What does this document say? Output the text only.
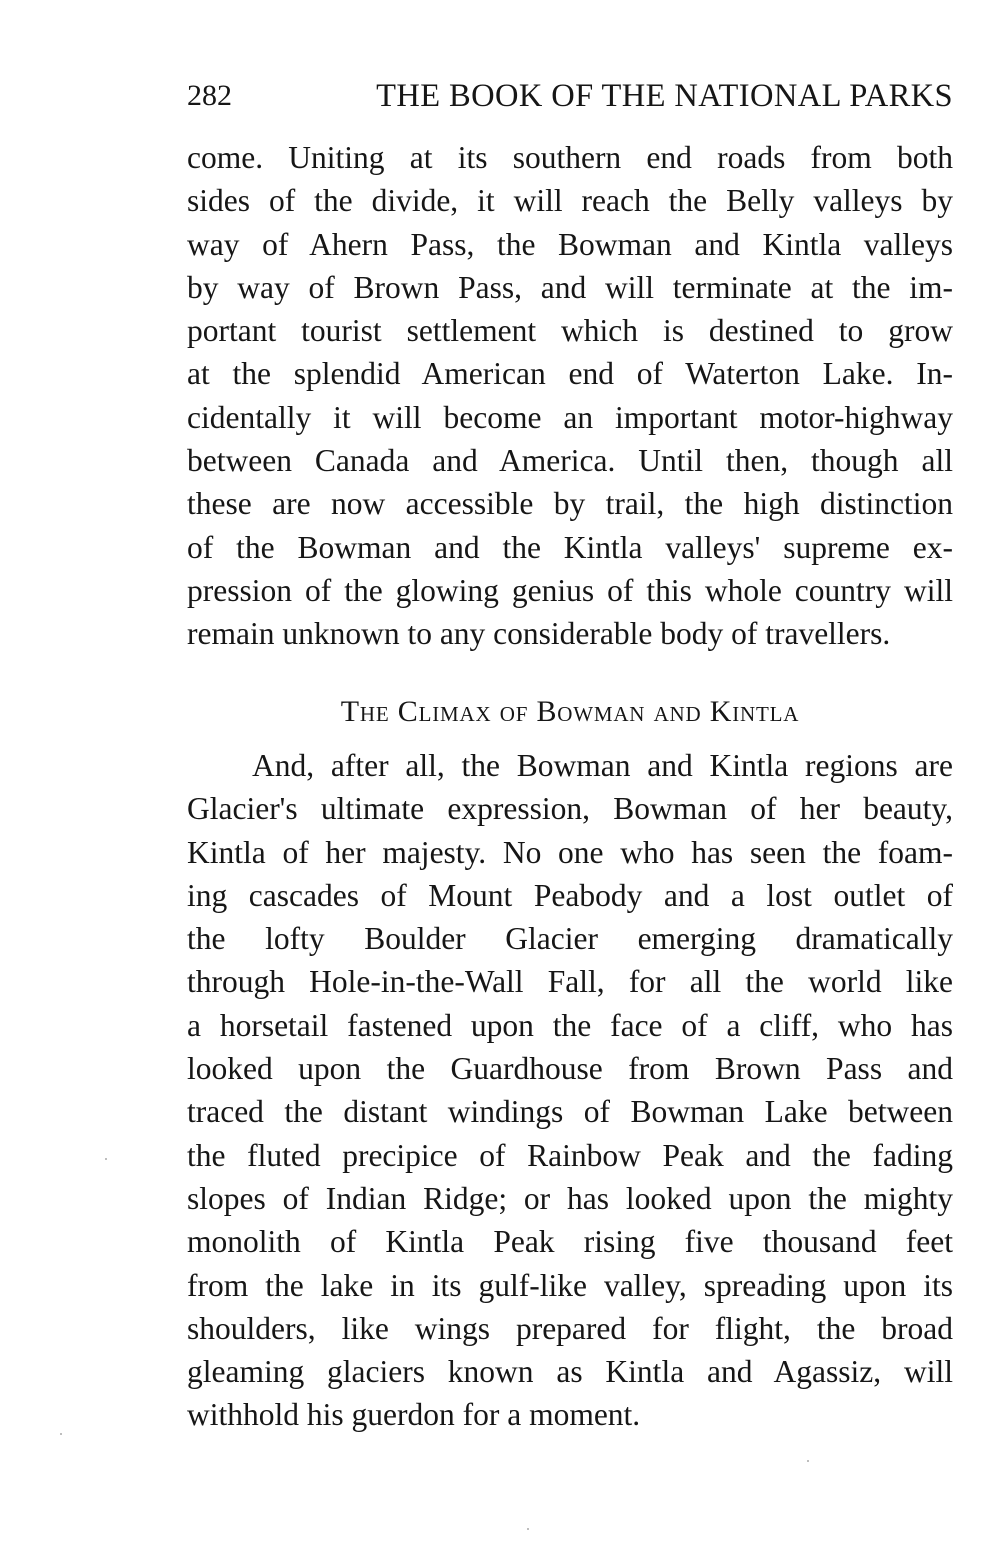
282	THE BOOK OF THE NATIONAL PARKS
come. Uniting at its southern end roads from both
sides of the divide, it will reach the Belly valleys by
way of Ahern Pass, the Bowman and Kintla valleys
by way of Brown Pass, and will terminate at the im-
portant tourist settlement which is destined to grow
at the splendid American end of Waterton Lake. In-
cidentally it will become an important motor-highway
between Canada and America. Until then, though all
these are now accessible by trail, the high distinction
of the Bowman and the Kintla valleys' supreme ex-
pression of the glowing genius of this whole country will
remain unknown to any considerable body of travellers.
The Climax of Bowman and Kintla
And, after all, the Bowman and Kintla regions are
Glacier's ultimate expression, Bowman of her beauty,
Kintla of her majesty. No one who has seen the foam-
ing cascades of Mount Peabody and a lost outlet of
the lofty Boulder Glacier emerging dramatically
through Hole-in-the-Wall Fall, for all the world like
a horsetail fastened upon the face of a cliff, who has
looked upon the Guardhouse from Brown Pass and
traced the distant windings of Bowman Lake between
the fluted precipice of Rainbow Peak and the fading
slopes of Indian Ridge; or has looked upon the mighty
monolith of Kintla Peak rising five thousand feet
from the lake in its gulf-like valley, spreading upon its
shoulders, like wings prepared for flight, the broad
gleaming glaciers known as Kintla and Agassiz, will
withhold his guerdon for a moment.
